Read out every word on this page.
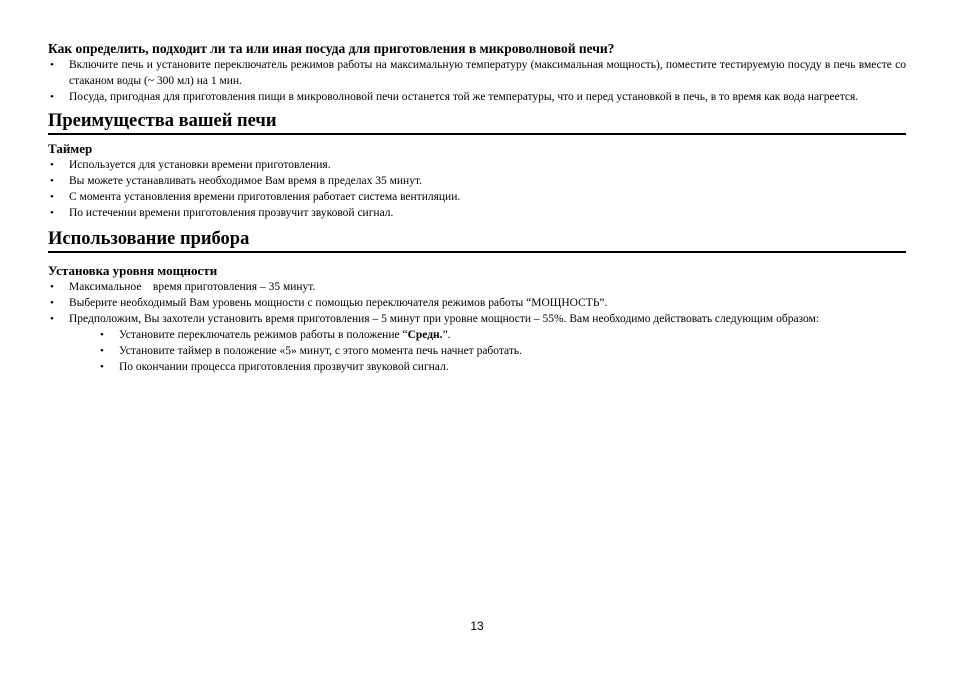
Как определить, подходит ли та или иная посуда для приготовления в микроволновой печи?

• Включите печь и установите переключатель режимов работы на максимальную температуру (максимальная мощность), поместите тестируемую посуду в печь вместе со стаканом воды (~ 300 мл) на 1 мин.
• Посуда, пригодная для приготовления пищи в микроволновой печи останется той же температуры, что и перед установкой в печь, в то время как вода нагреется.
Преимущества вашей печи

Таймер

• Используется для установки времени приготовления.
• Вы можете устанавливать необходимое Вам время в пределах 35 минут.
• С момента установления времени приготовления работает система вентиляции.
• По истечении времени приготовления прозвучит звуковой сигнал.
Использование прибора

Установка уровня мощности

• Максимальное    время приготовления – 35 минут.
• Выберите необходимый Вам уровень мощности с помощью переключателя режимов работы “МОЩНОСТЬ”.
• Предположим, Вы захотели установить время приготовления – 5 минут при уровне мощности – 55%. Вам необходимо действовать следующим образом:
• Установите переключатель режимов работы в положение “Средн.”.
• Установите таймер в положение «5» минут, с этого момента печь начнет работать.
• По окончании процесса приготовления прозвучит звуковой сигнал.
13
